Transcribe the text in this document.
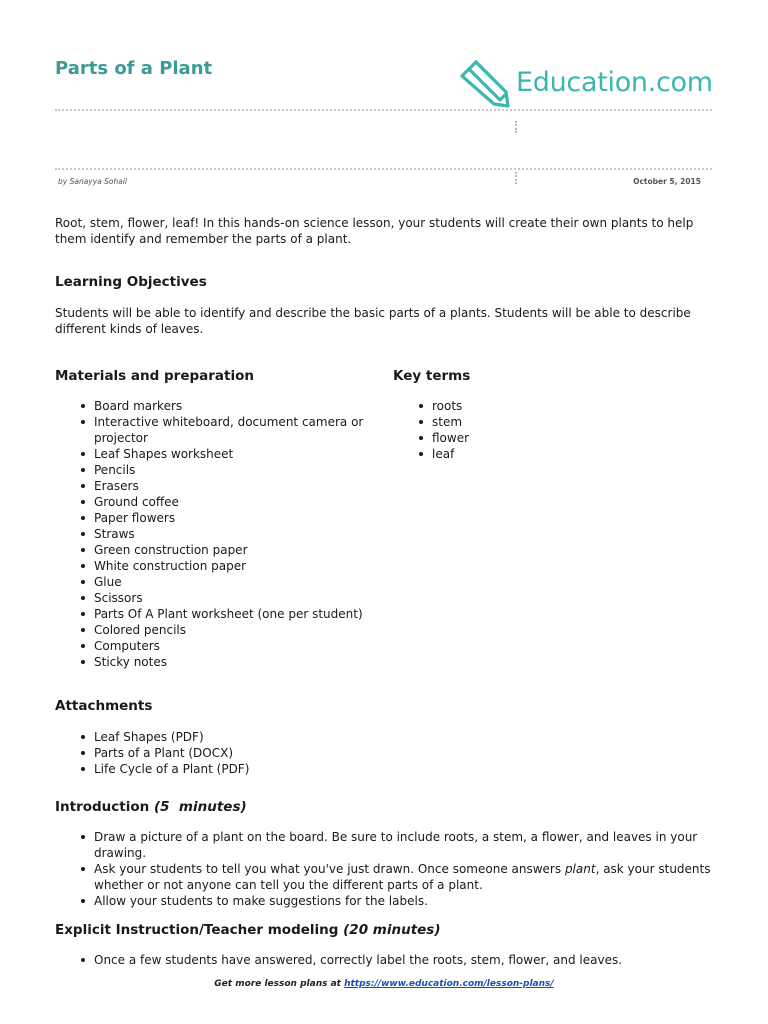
Parts of a Plant	Education.com
by Sanayya Sohail	October 5, 2015
Root, stem, flower, leaf! In this hands-on science lesson, your students will create their own plants to help them identify and remember the parts of a plant.
Learning Objectives
Students will be able to identify and describe the basic parts of a plants. Students will be able to describe different kinds of leaves.
Materials and preparation
Board markers
Interactive whiteboard, document camera or projector
Leaf Shapes worksheet
Pencils
Erasers
Ground coffee
Paper flowers
Straws
Green construction paper
White construction paper
Glue
Scissors
Parts Of A Plant worksheet (one per student)
Colored pencils
Computers
Sticky notes
Key terms
roots
stem
flower
leaf
Attachments
Leaf Shapes (PDF)
Parts of a Plant (DOCX)
Life Cycle of a Plant (PDF)
Introduction (5  minutes)
Draw a picture of a plant on the board. Be sure to include roots, a stem, a flower, and leaves in your drawing.
Ask your students to tell you what you've just drawn. Once someone answers plant, ask your students whether or not anyone can tell you the different parts of a plant.
Allow your students to make suggestions for the labels.
Explicit Instruction/Teacher modeling (20 minutes)
Once a few students have answered, correctly label the roots, stem, flower, and leaves.
Get more lesson plans at https://www.education.com/lesson-plans/
